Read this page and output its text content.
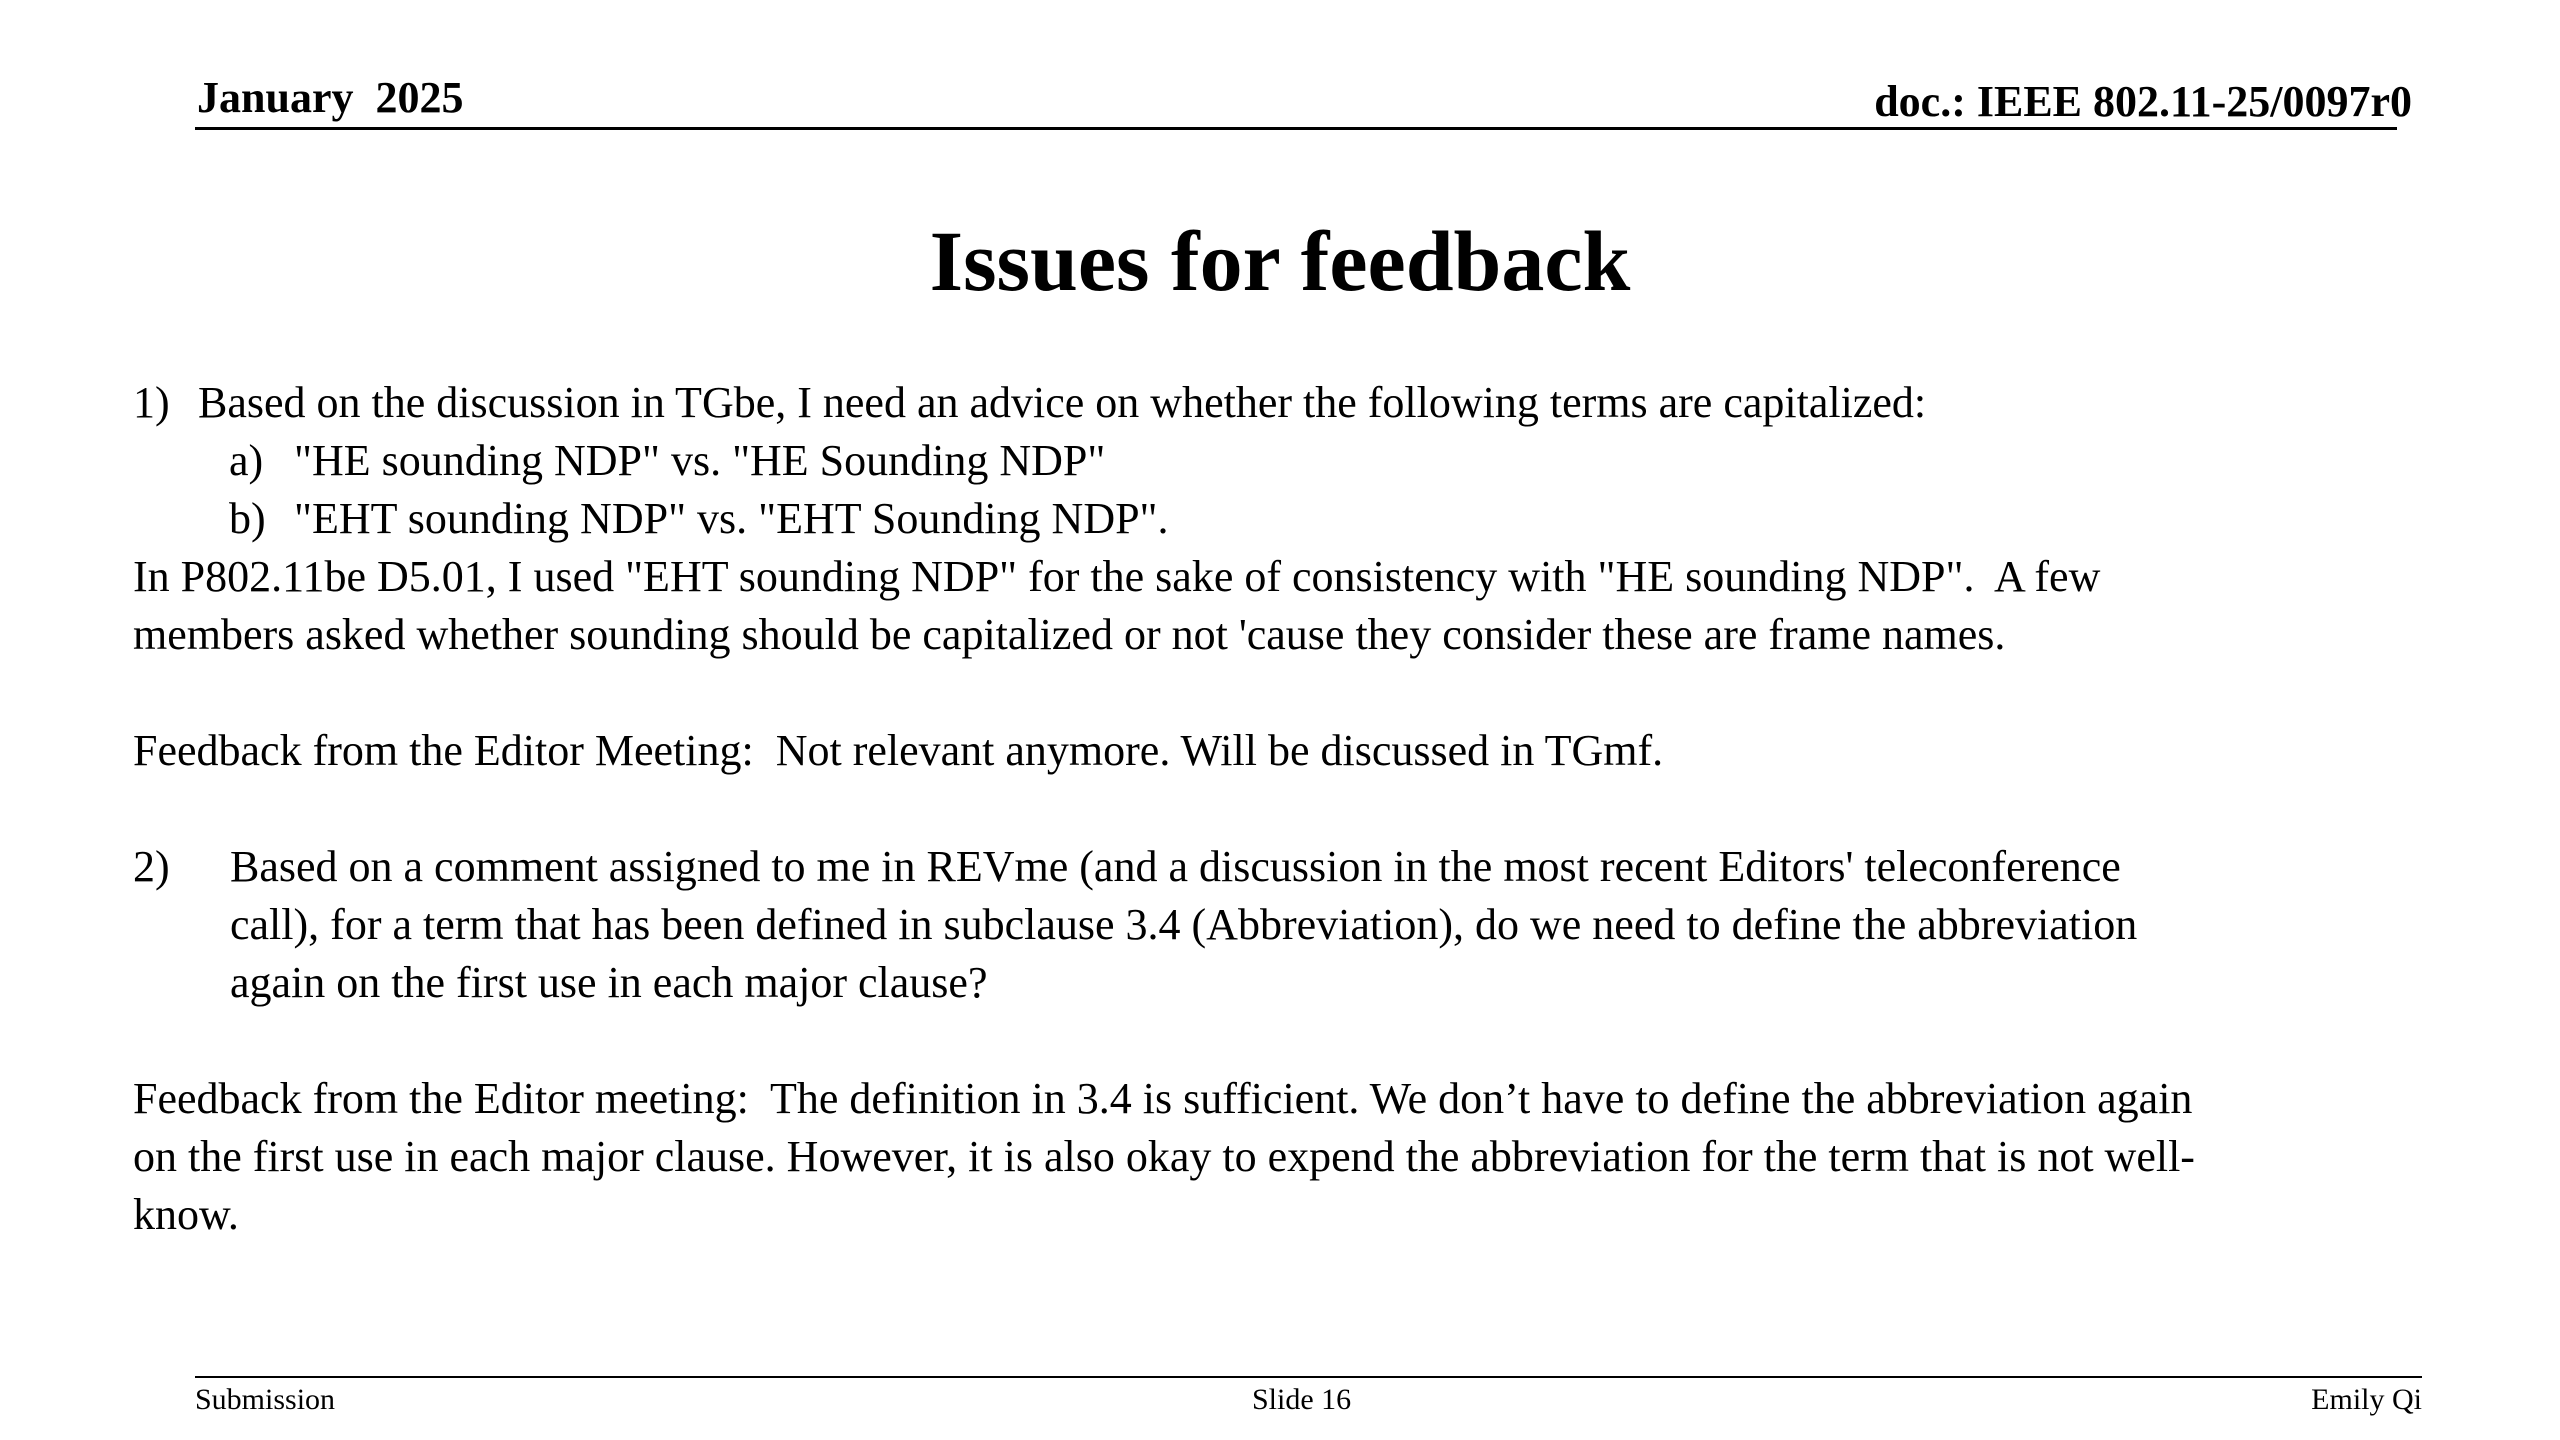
January  2025	doc.: IEEE 802.11-25/0097r0
Issues for feedback
1) Based on the discussion in TGbe, I need an advice on whether the following terms are capitalized:
a) "HE sounding NDP" vs. "HE Sounding NDP"
b) "EHT sounding NDP" vs. "EHT Sounding NDP".
In P802.11be D5.01, I used "EHT sounding NDP" for the sake of consistency with "HE sounding NDP".  A few
members asked whether sounding should be capitalized or not 'cause they consider these are frame names.
Feedback from the Editor Meeting:  Not relevant anymore. Will be discussed in TGmf.
2)	Based on a comment assigned to me in REVme (and a discussion in the most recent Editors' teleconference
call), for a term that has been defined in subclause 3.4 (Abbreviation), do we need to define the abbreviation
again on the first use in each major clause?
Feedback from the Editor meeting:  The definition in 3.4 is sufficient. We don’t have to define the abbreviation again
on the first use in each major clause. However, it is also okay to expend the abbreviation for the term that is not well-
know.
Submission	Slide 16	Emily Qi
